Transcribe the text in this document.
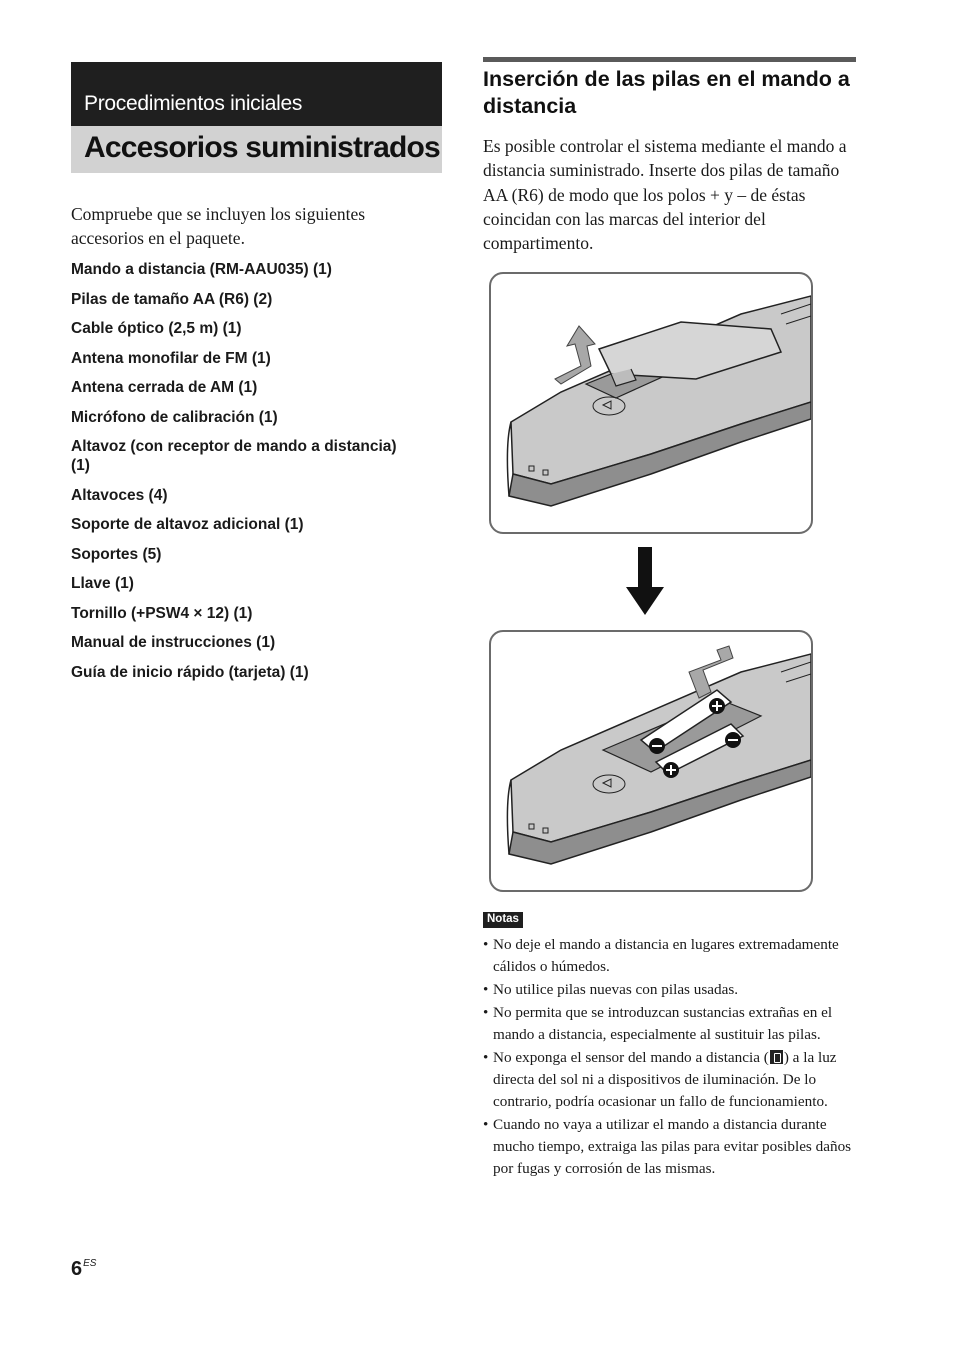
Procedimientos iniciales
Accesorios suministrados
Compruebe que se incluyen los siguientes accesorios en el paquete.
Mando a distancia (RM-AAU035) (1)
Pilas de tamaño AA (R6) (2)
Cable óptico (2,5 m) (1)
Antena monofilar de FM (1)
Antena cerrada de AM (1)
Micrófono de calibración (1)
Altavoz (con receptor de mando a distancia) (1)
Altavoces (4)
Soporte de altavoz adicional (1)
Soportes (5)
Llave (1)
Tornillo (+PSW4 × 12) (1)
Manual de instrucciones (1)
Guía de inicio rápido (tarjeta) (1)
Inserción de las pilas en el mando a distancia
Es posible controlar el sistema mediante el mando a distancia suministrado. Inserte dos pilas de tamaño AA (R6) de modo que los polos + y – de éstas coincidan con las marcas del interior del compartimento.
Notas
• No deje el mando a distancia en lugares extremadamente cálidos o húmedos.
• No utilice pilas nuevas con pilas usadas.
• No permita que se introduzcan sustancias extrañas en el mando a distancia, especialmente al sustituir las pilas.
• No exponga el sensor del mando a distancia ( ) a la luz directa del sol ni a dispositivos de iluminación. De lo contrario, podría ocasionar un fallo de funcionamiento.
• Cuando no vaya a utilizar el mando a distancia durante mucho tiempo, extraiga las pilas para evitar posibles daños por fugas y corrosión de las mismas.
$6^{ES}$
